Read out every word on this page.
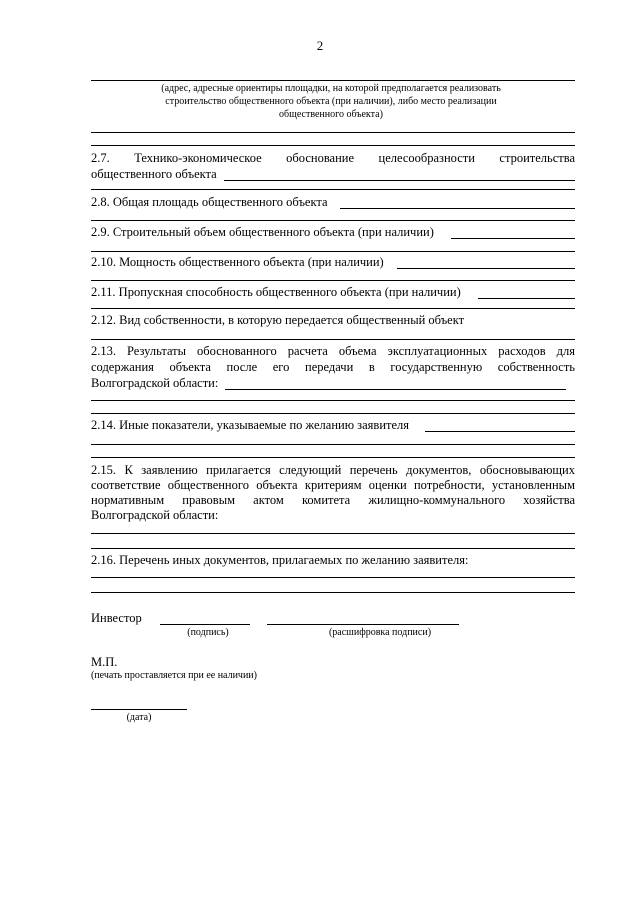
2
(адрес, адресные ориентиры площадки, на которой предполагается реализовать строительство общественного объекта (при наличии), либо место реализации общественного объекта)
2.7. Технико-экономическое обоснование целесообразности строительства
общественного объекта
2.8. Общая площадь общественного объекта
2.9. Строительный объем общественного объекта (при наличии)
2.10. Мощность общественного объекта (при наличии)
2.11. Пропускная способность общественного объекта (при наличии)
2.12. Вид собственности, в которую передается общественный объект
2.13. Результаты обоснованного расчета объема эксплуатационных расходов для
содержания объекта после его передачи в государственную собственность
Волгоградской области:
2.14. Иные показатели, указываемые по желанию заявителя
2.15. К заявлению прилагается следующий перечень документов, обосновывающих
соответствие общественного объекта критериям оценки потребности, установленным
нормативным правовым актом комитета жилищно-коммунального хозяйства
Волгоградской области:
2.16. Перечень иных документов, прилагаемых по желанию заявителя:
Инвестор
(подпись)	(расшифровка подписи)
М.П.
(печать проставляется при ее наличии)
(дата)
